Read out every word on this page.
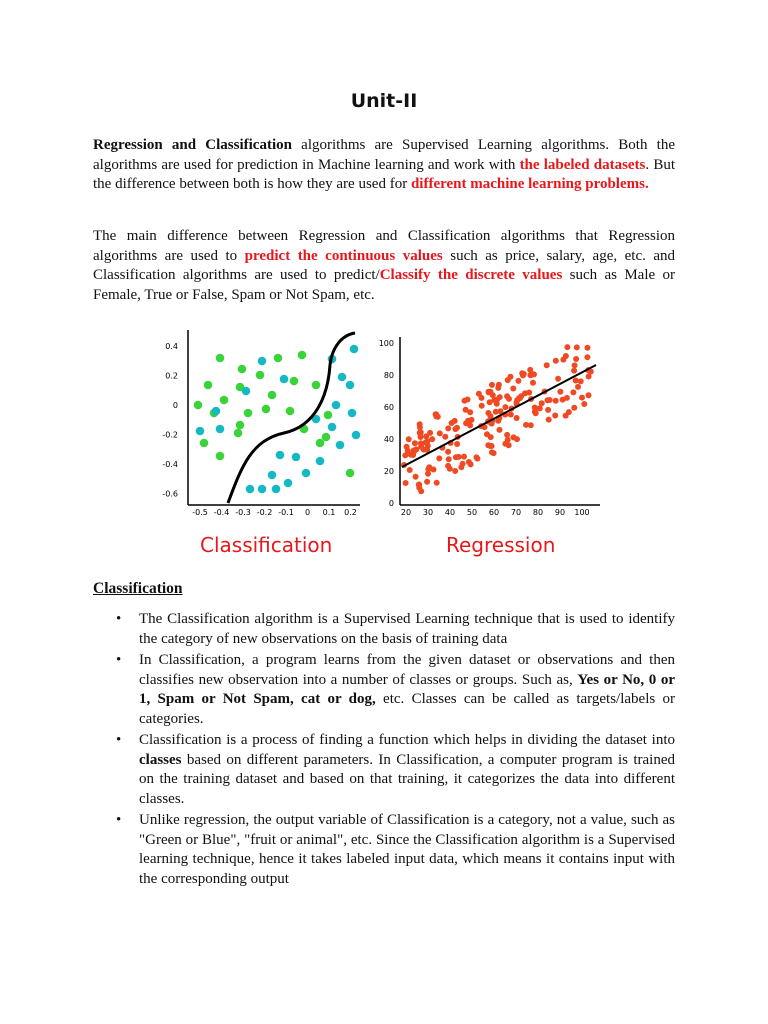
Unit-II

Regression and Classification algorithms are Supervised Learning algorithms. Both the algorithms are used for prediction in Machine learning and work with the labeled datasets. But the difference between both is how they are used for different machine learning problems.

The main difference between Regression and Classification algorithms that Regression algorithms are used to predict the continuous values such as price, salary, age, etc. and Classification algorithms are used to predict/Classify the discrete values such as Male or Female, True or False, Spam or Not Spam, etc.

0.4
0.2
0
-0.2
-0.4
-0.6
-0.5 -0.4 -0.3 -0.2 -0.1 0 0.1 0.2
100
80
60
40
20
0
20 30 40 50 60 70 80 90 100
Classification	Regression
Classification
• The Classification algorithm is a Supervised Learning technique that is used to identify the category of new observations on the basis of training data
• In Classification, a program learns from the given dataset or observations and then classifies new observation into a number of classes or groups. Such as, Yes or No, 0 or 1, Spam or Not Spam, cat or dog, etc. Classes can be called as targets/labels or categories.
• Classification is a process of finding a function which helps in dividing the dataset into classes based on different parameters. In Classification, a computer program is trained on the training dataset and based on that training, it categorizes the data into different classes.
• Unlike regression, the output variable of Classification is a category, not a value, such as "Green or Blue", "fruit or animal", etc. Since the Classification algorithm is a Supervised learning technique, hence it takes labeled input data, which means it contains input with the corresponding output
